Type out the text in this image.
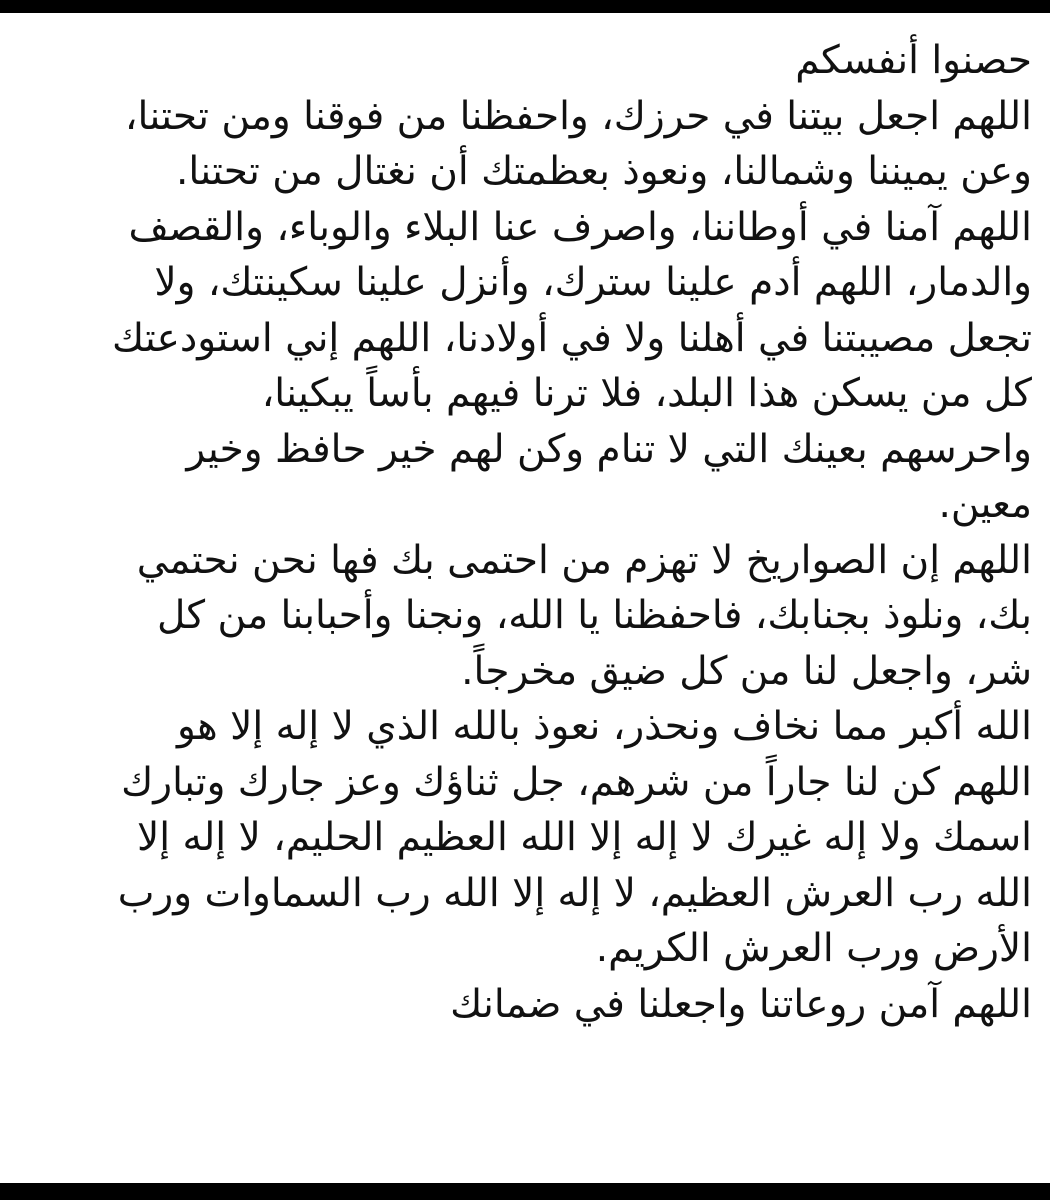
حصنوا أنفسكم
اللهم اجعل بيتنا في حرزك، واحفظنا من فوقنا ومن تحتنا،
وعن يميننا وشمالنا، ونعوذ بعظمتك أن نغتال من تحتنا.
اللهم آمنا في أوطاننا، واصرف عنا البلاء والوباء، والقصف
والدمار، اللهم أدم علينا سترك، وأنزل علينا سكينتك، ولا
تجعل مصيبتنا في أهلنا ولا في أولادنا، اللهم إني استودعتك
كل من يسكن هذا البلد، فلا ترنا فيهم بأساً يبكينا،
واحرسهم بعينك التي لا تنام وكن لهم خير حافظ وخير
معين.
اللهم إن الصواريخ لا تهزم من احتمى بك فها نحن نحتمي
بك، ونلوذ بجنابك، فاحفظنا يا الله، ونجنا وأحبابنا من كل
شر، واجعل لنا من كل ضيق مخرجاً.
الله أكبر مما نخاف ونحذر، نعوذ بالله الذي لا إله إلا هو
اللهم كن لنا جاراً من شرهم، جل ثناؤك وعز جارك وتبارك
اسمك ولا إله غيرك لا إله إلا الله العظيم الحليم، لا إله إلا
الله رب العرش العظيم، لا إله إلا الله رب السماوات ورب
الأرض ورب العرش الكريم.
اللهم آمن روعاتنا واجعلنا في ضمانك
